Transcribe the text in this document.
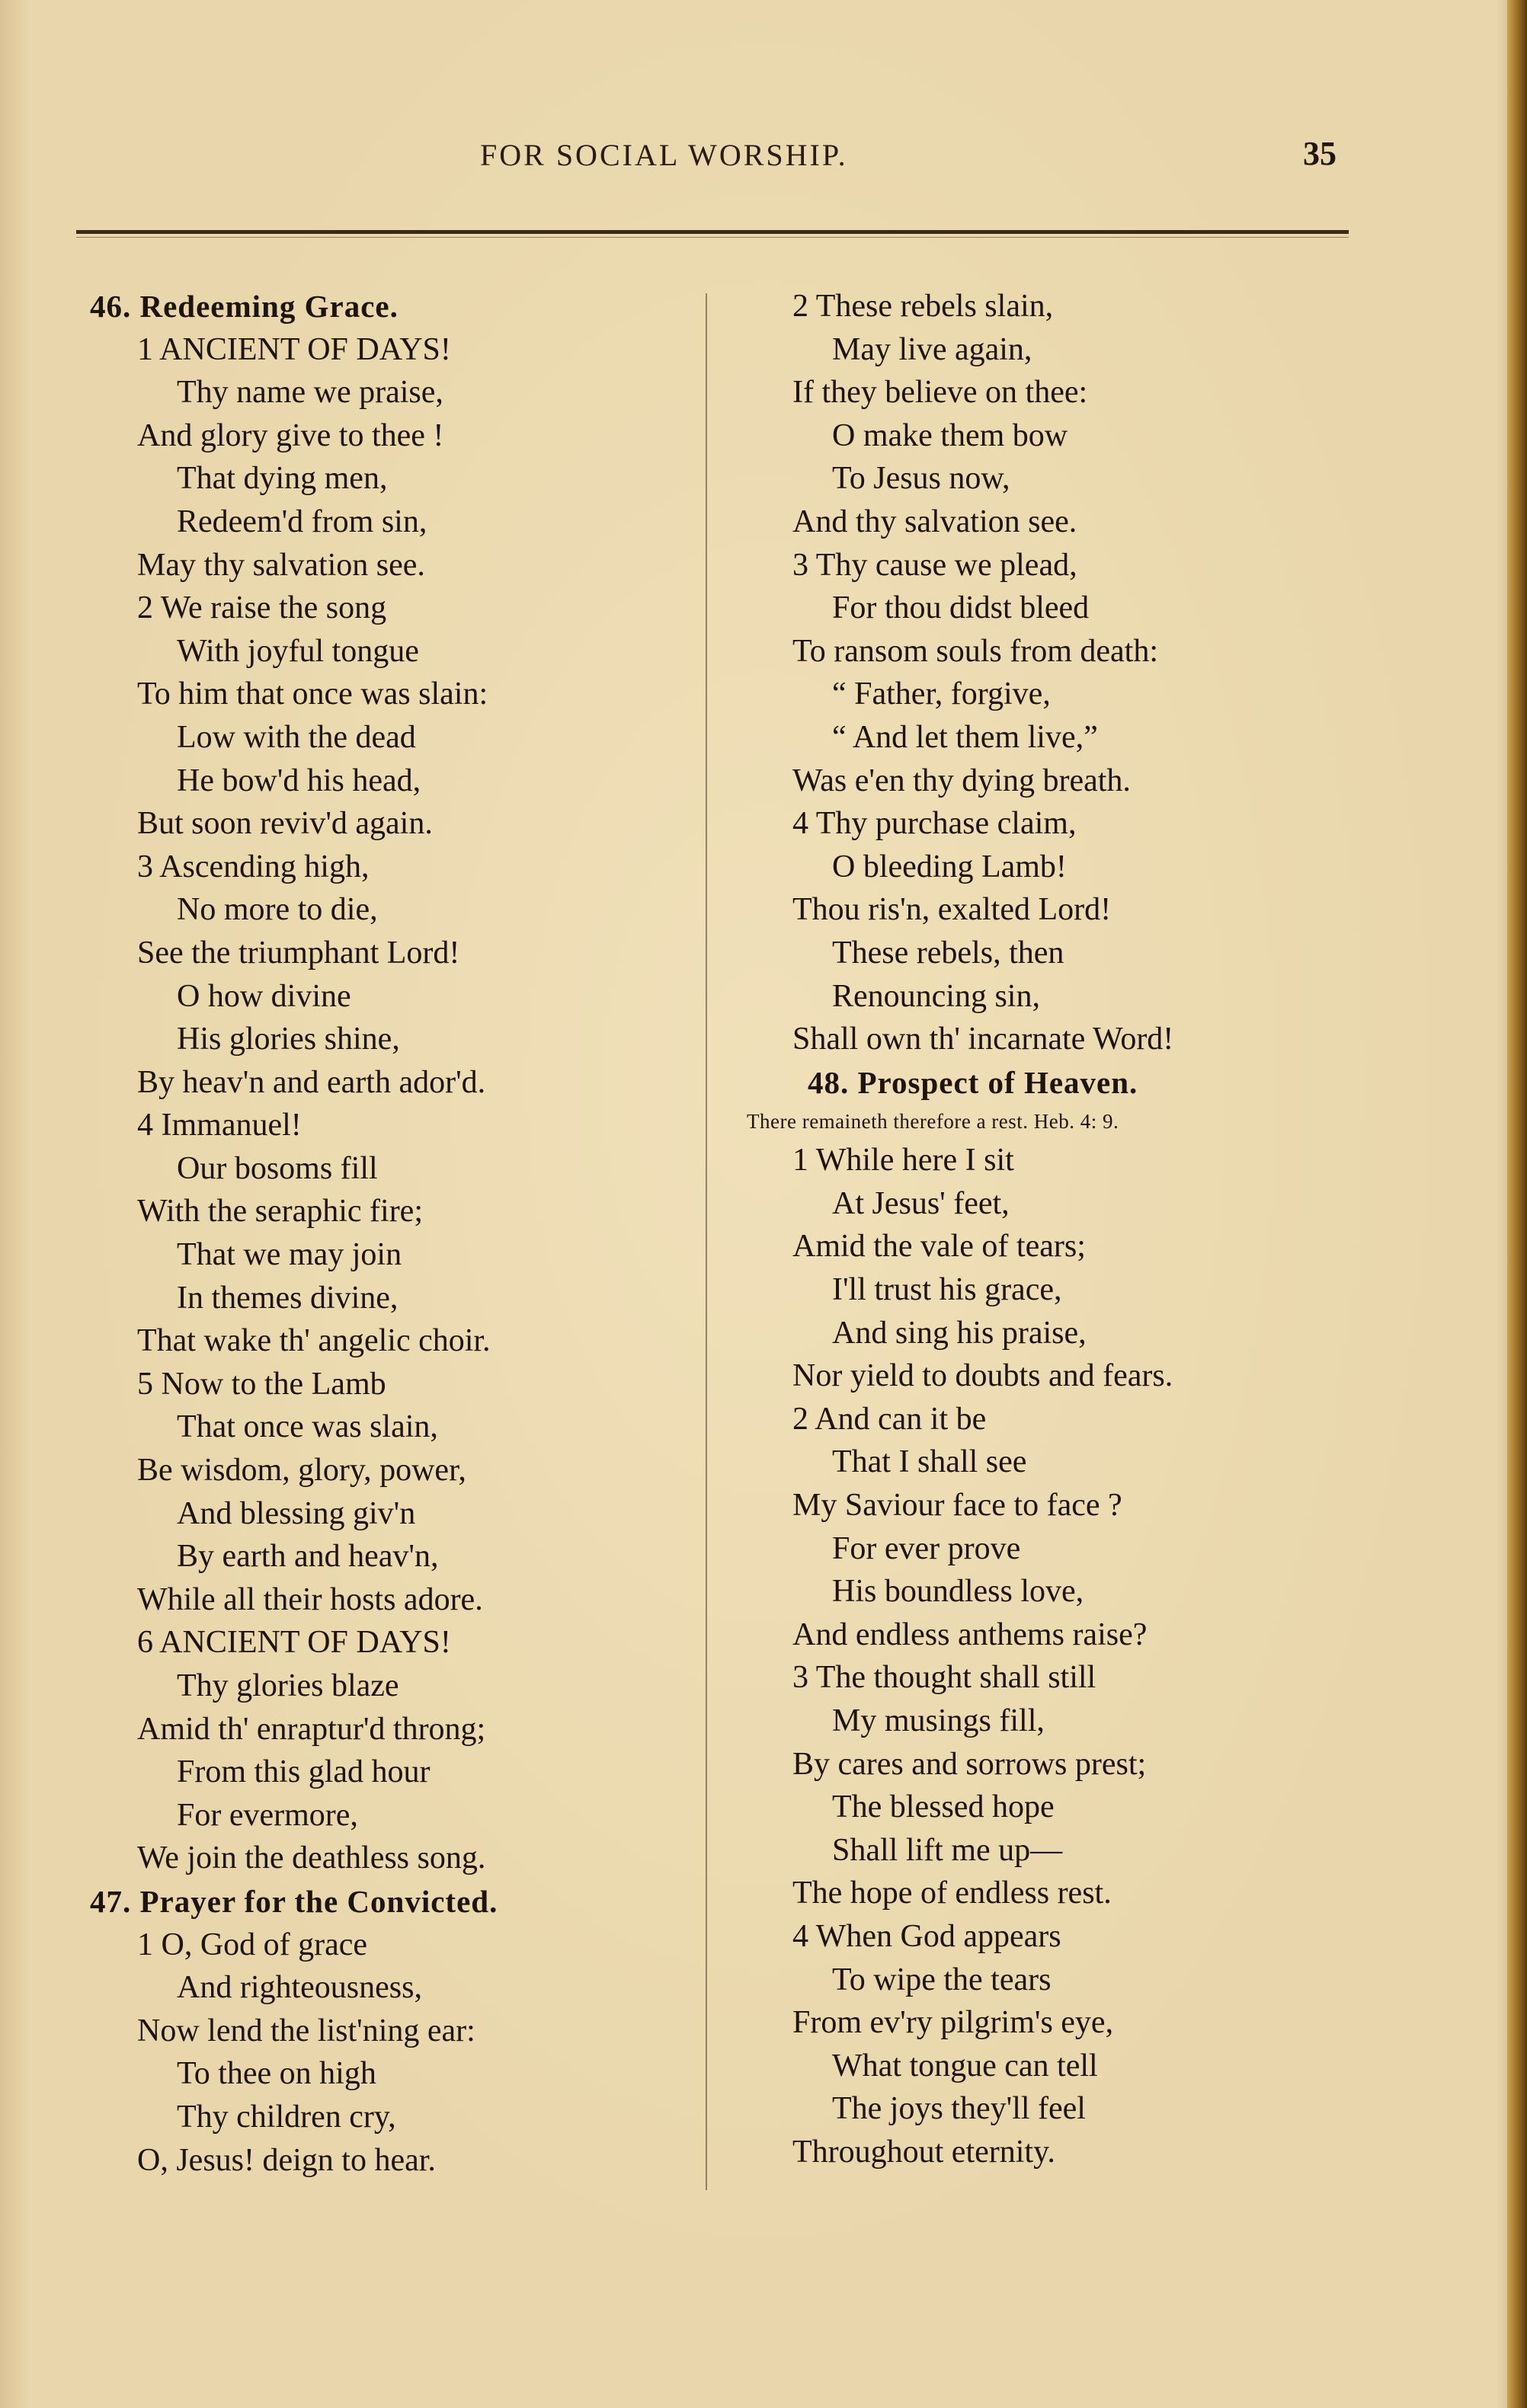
FOR SOCIAL WORSHIP.	35
46. Redeeming Grace.
1 ANCIENT OF DAYS!
Thy name we praise,
And glory give to thee !
That dying men,
Redeem'd from sin,
May thy salvation see.
2 We raise the song
With joyful tongue
To him that once was slain:
Low with the dead
He bow'd his head,
But soon reviv'd again.
3 Ascending high,
No more to die,
See the triumphant Lord!
O how divine
His glories shine,
By heav'n and earth ador'd.
4 Immanuel!
Our bosoms fill
With the seraphic fire;
That we may join
In themes divine,
That wake th' angelic choir.
5 Now to the Lamb
That once was slain,
Be wisdom, glory, power,
And blessing giv'n
By earth and heav'n,
While all their hosts adore.
6 ANCIENT OF DAYS!
Thy glories blaze
Amid th' enraptur'd throng;
From this glad hour
For evermore,
We join the deathless song.
47. Prayer for the Convicted.
1 O, God of grace
And righteousness,
Now lend the list'ning ear:
To thee on high
Thy children cry,
O, Jesus! deign to hear.
2 These rebels slain,
May live again,
If they believe on thee:
O make them bow
To Jesus now,
And thy salvation see.
3 Thy cause we plead,
For thou didst bleed
To ransom souls from death:
“ Father, forgive,
“ And let them live,”
Was e'en thy dying breath.
4 Thy purchase claim,
O bleeding Lamb!
Thou ris'n, exalted Lord!
These rebels, then
Renouncing sin,
Shall own th' incarnate Word!
48. Prospect of Heaven.
There remaineth therefore a rest. Heb. 4: 9.
1 While here I sit
At Jesus' feet,
Amid the vale of tears;
I'll trust his grace,
And sing his praise,
Nor yield to doubts and fears.
2 And can it be
That I shall see
My Saviour face to face ?
For ever prove
His boundless love,
And endless anthems raise?
3 The thought shall still
My musings fill,
By cares and sorrows prest;
The blessed hope
Shall lift me up—
The hope of endless rest.
4 When God appears
To wipe the tears
From ev'ry pilgrim's eye,
What tongue can tell
The joys they'll feel
Throughout eternity.
